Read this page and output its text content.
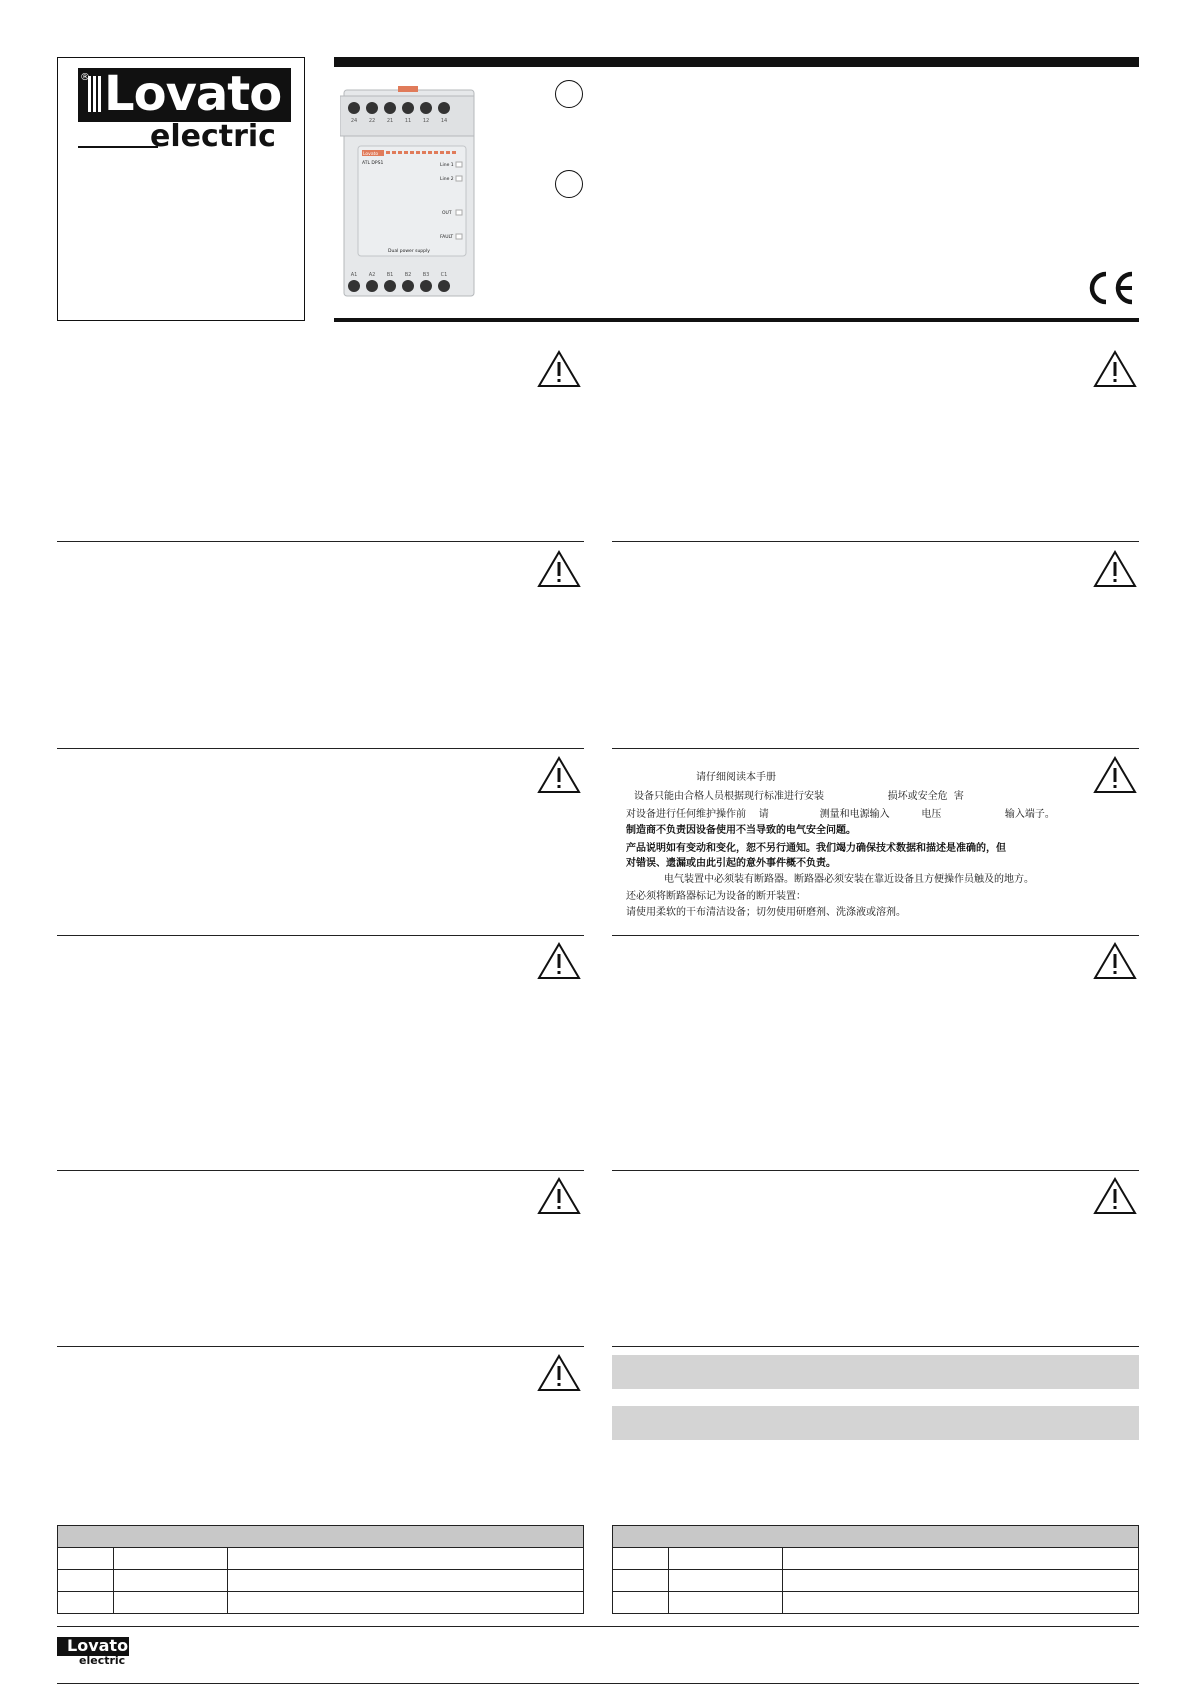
® Lovato
electric	24 22 21 11 12 14
A1 A2 B1 B2 B3 C1
Lovato
ATL DPS1	Line 1
Line 2
OUT
FAULT
Dual power supply
请仔细阅读本手册
设备只能由合格人员根据现行标准进行安装                    损坏或安全危  害
对设备进行任何维护操作前    请                测量和电源输入          电压                    输入端子。
制造商不负责因设备使用不当导致的电气安全问题。
产品说明如有变动和变化，恕不另行通知。我们竭力确保技术数据和描述是准确的，但
对错误、遗漏或由此引起的意外事件概不负责。
电气装置中必须装有断路器。断路器必须安装在靠近设备且方便操作员触及的地方。
还必须将断路器标记为设备的断开装置：
请使用柔软的干布清洁设备；切勿使用研磨剂、洗涤液或溶剂。

Lovato
electric
